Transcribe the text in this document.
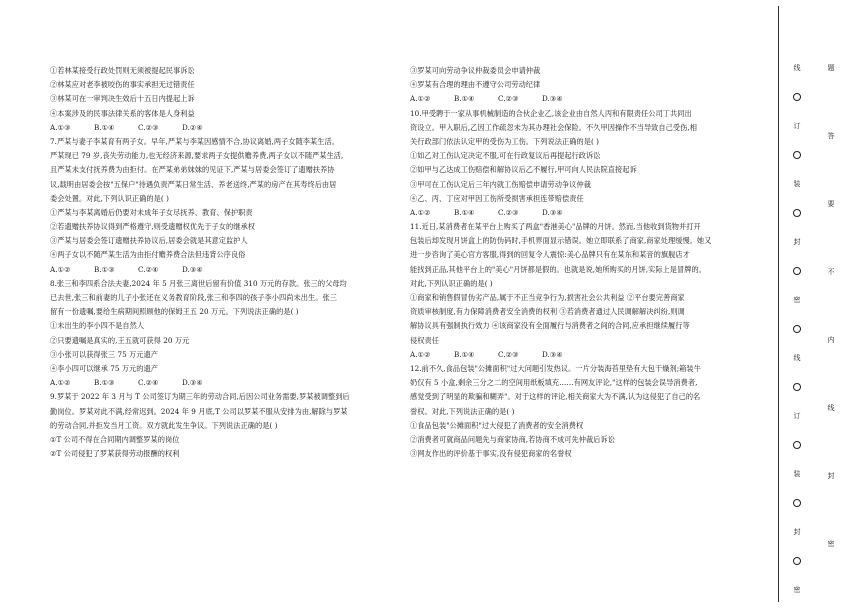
①若林某接受行政处罚则无须被提起民事诉讼
②林某应对老李被咬伤的事实承担无过错责任
③林某可在一审判决生效后十五日内提起上诉
④本案涉及的民事法律关系的客体是人身利益
A.①③	B.①④	C.②③	D.②④
7.严某与妻子李某育有两子女。早年,严某与李某因感情不合,协议离婚,两子女随李某生活。
严某现已 79 岁,丧失劳动能力,也无经济来源,要求两子女提供赡养费,两子女以不随严某生活,
且严某未支付抚养费为由拒付。在严某弟弟妹妹的见证下,严某与居委会签订了遗赠扶养协
议,载明由居委会按"五保户"待遇负责严某日常生活、养老送终,严某的房产在其寿终后由居
委会处置。对此,下列认识正确的是( )
①严某与李某离婚后仍要对未成年子女尽抚养、教育、保护职责
②若遗赠扶养协议得到严格遵守,则受遗赠权优先于子女的继承权
③严某与居委会签订遗赠扶养协议后,居委会就是其意定监护人
④两子女以不随严某生活为由拒付赡养费合法但违背公序良俗
A.①②	B.①③	C.②④	D.③④
8.张三和李四系合法夫妻,2024 年 5 月张三离世后留有价值 310 万元的存款。张三的父母均
已去世,张三和前妻的儿子小张还在义务教育阶段,张三和李四的孩子李小四尚未出生。张三
留有一份遗嘱,要给生病期间照顾他的保姆王五 20 万元。下列说法正确的是( )
①未出生的李小四不是自然人
②只要遗嘱是真实的,王五就可获得 20 万元
③小张可以获得张三 75 万元遗产
④李小四可以继承 75 万元的遗产
A.①②	B.①③	C.②④	D.③④
9.罗某于 2022 年 3 月与 T 公司签订为期三年的劳动合同,后因公司业务需要,罗某被调整到后
勤岗位。罗某对此不满,经常迟到。2024 年 9 月底,T 公司以罗某不服从安排为由,解除与罗某
的劳动合同,并拒发当月工资。双方就此发生争议。下列说法正确的是( )
①T 公司不得在合同期内调整罗某的岗位
②T 公司侵犯了罗某获得劳动报酬的权利
③罗某可向劳动争议仲裁委员会申请仲裁
④罗某有合理的理由不遵守公司劳动纪律
A.①②	B.①④	C.②③	D.③④
10.甲受聘于一家从事机械制造的合伙企业乙,该企业由自然人丙和有限责任公司丁共同出
资设立。甲入职后,乙因工作疏忽未为其办理社会保险。不久甲因操作不当导致自己受伤,相
关行政部门依法认定甲的受伤为工伤。下列说法正确的是( )
①如乙对工伤认定决定不服,可在行政复议后再提起行政诉讼
②如甲与乙达成工伤赔偿和解协议后乙不履行,甲可向人民法院直接起诉
③甲可在工伤认定后三年内就工伤赔偿申请劳动争议仲裁
④乙、丙、丁应对甲因工伤所受损害承担连带赔偿责任
A.①②	B.①④	C.②③	D.③④
11.近日,某消费者在某平台上购买了两盒"香港美心"品牌的月饼。然而,当他收到货物并打开
包装后却发现月饼盒上的防伪码时,手机界面显示错误。她立即联系了商家,商家处理缓慢。她又
进一步咨询了美心官方客服,得到的回复令人震惊:美心品牌只有在某东和某音的旗舰店才
能找到正品,其他平台上的"美心"月饼都是假的。也就是说,她所购买的月饼,实际上是冒牌的。
对此,下列认识正确的是( )
①商家和销售假冒伪劣产品,属于不正当竞争行为,损害社会公共利益 ②平台要完善商家
资质审核制度,有力保障消费者安全消费的权利 ③若消费者通过人民调解解决纠纷,则调
解协议具有强制执行效力 ④该商家没有全面履行与消费者之间的合同,应承担继续履行等
侵权责任
A.①②	B.①④	C.②③	D.③④
12.前不久,食品包装"公摊面积"过大问题引发热议。一片分装海苔里垫有大包干燥剂;箱装牛
奶仅有 5 小盒,剩余三分之二的空间用纸板填充……有网友评论,"这样的包装会误导消费者,
感觉受到了明显的欺骗和糊弄"。对于这样的评论,相关商家大为不满,认为这侵犯了自己的名
誉权。对此,下列说法正确的是( )
①食品包装"公摊面积"过大侵犯了消费者的安全消费权
②消费者可就商品问题先与商家协商,若协商不成可先仲裁后诉讼
③网友作出的评价基于事实,没有侵犯商家的名誉权
线
订
装
封
密
线
订
装
封
密
题
答
要
不
内
线
封
密
